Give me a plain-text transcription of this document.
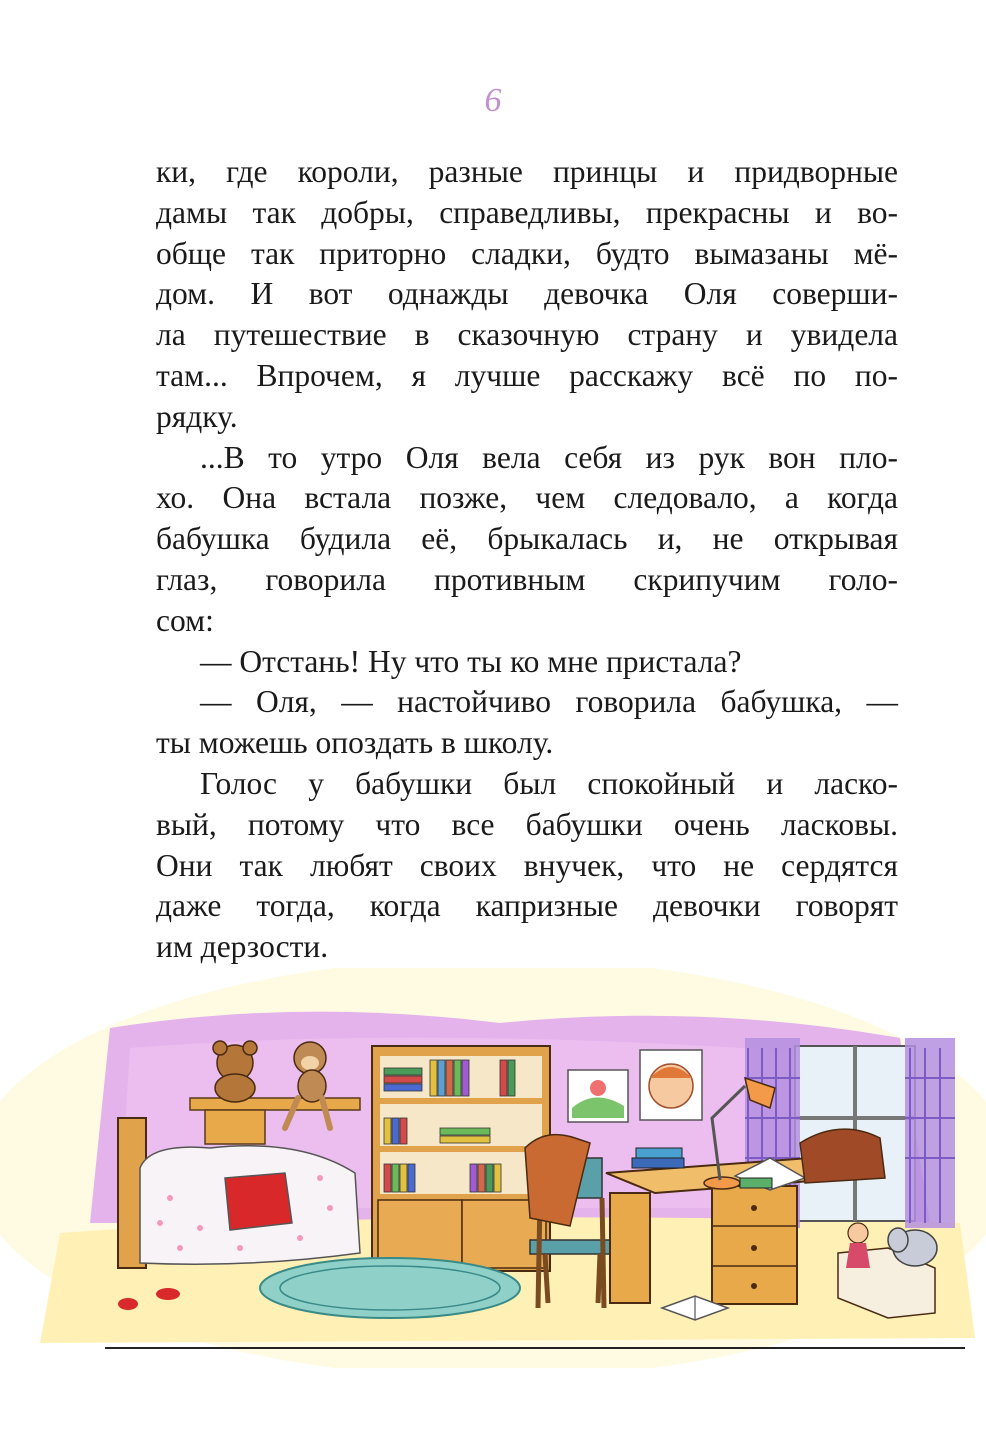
6
ки, где короли, разные принцы и придворные
дамы так добры, справедливы, прекрасны и во-
обще так приторно сладки, будто вымазаны мё-
дом. И вот однажды девочка Оля соверши-
ла путешествие в сказочную страну и увидела
там... Впрочем, я лучше расскажу всё по по-
рядку.
...В то утро Оля вела себя из рук вон пло-
хо. Она встала позже, чем следовало, а когда
бабушка будила её, брыкалась и, не открывая
глаз, говорила противным скрипучим голо-
сом:
— Отстань! Ну что ты ко мне пристала?
— Оля, — настойчиво говорила бабушка, —
ты можешь опоздать в школу.
Голос у бабушки был спокойный и ласко-
вый, потому что все бабушки очень ласковы.
Они так любят своих внучек, что не сердятся
даже тогда, когда капризные девочки говорят
им дерзости.
